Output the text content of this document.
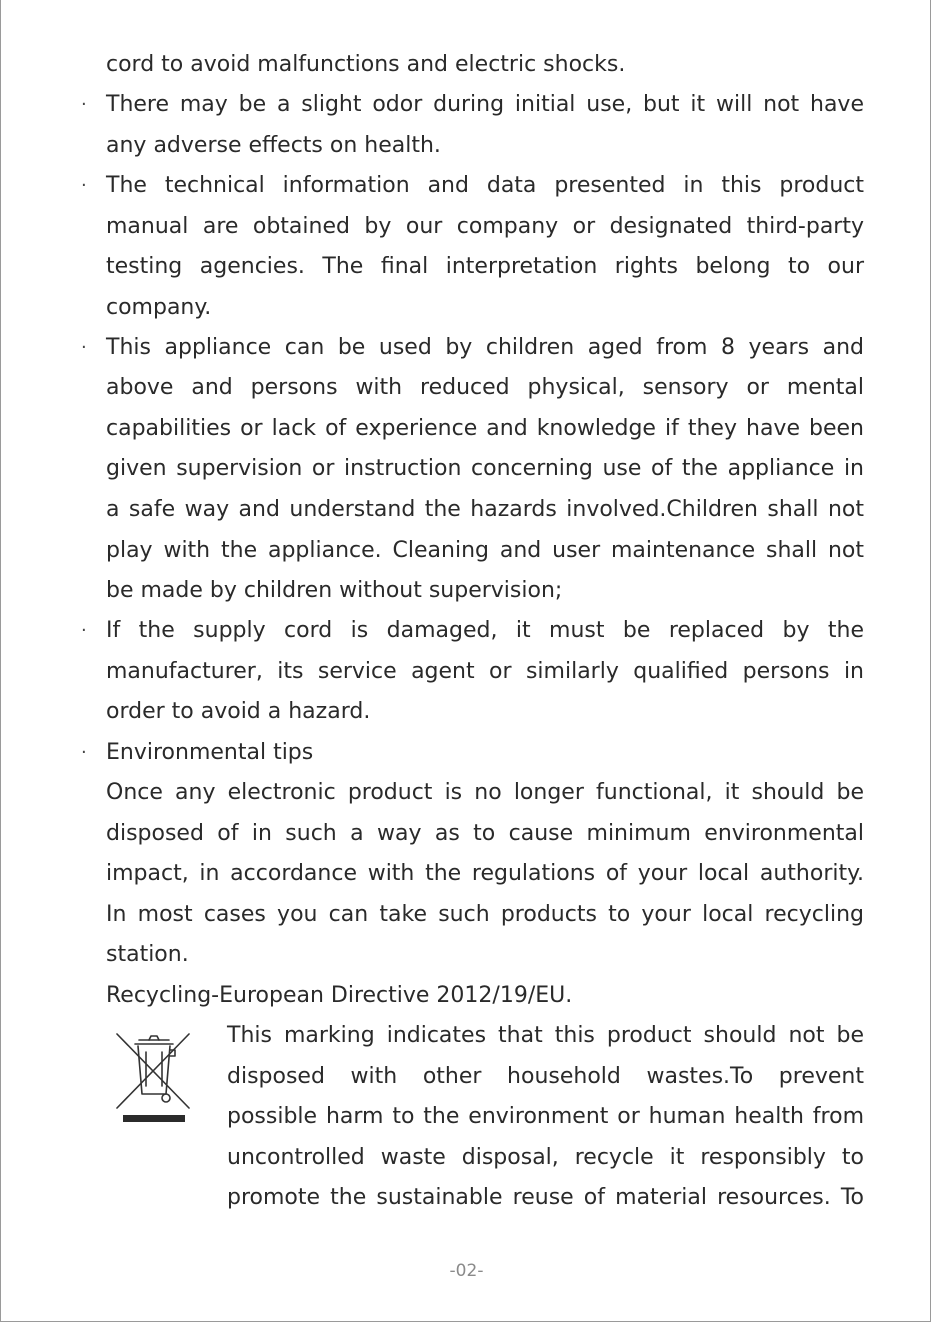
cord to avoid malfunctions and electric shocks.
· There may be a slight odor during initial use, but it will not have
any adverse effects on health.
· The technical information and data presented in this product
manual are obtained by our company or designated third-party
testing agencies. The final interpretation rights belong to our
company.
· This appliance can be used by children aged from 8 years and
above and persons with reduced physical, sensory or mental
capabilities or lack of experience and knowledge if they have been
given supervision or instruction concerning use of the appliance in
a safe way and understand the hazards involved.Children shall not
play with the appliance. Cleaning and user maintenance shall not
be made by children without supervision;
· If the supply cord is damaged, it must be replaced by the
manufacturer, its service agent or similarly qualified persons in
order to avoid a hazard.
· Environmental tips
Once any electronic product is no longer functional, it should be
disposed of in such a way as to cause minimum environmental
impact, in accordance with the regulations of your local authority.
In most cases you can take such products to your local recycling
station.
Recycling-European Directive 2012/19/EU.
This marking indicates that this product should not be
disposed with other household wastes.To prevent
possible harm to the environment or human health from
uncontrolled waste disposal, recycle it responsibly to
promote the sustainable reuse of material resources. To
-02-
